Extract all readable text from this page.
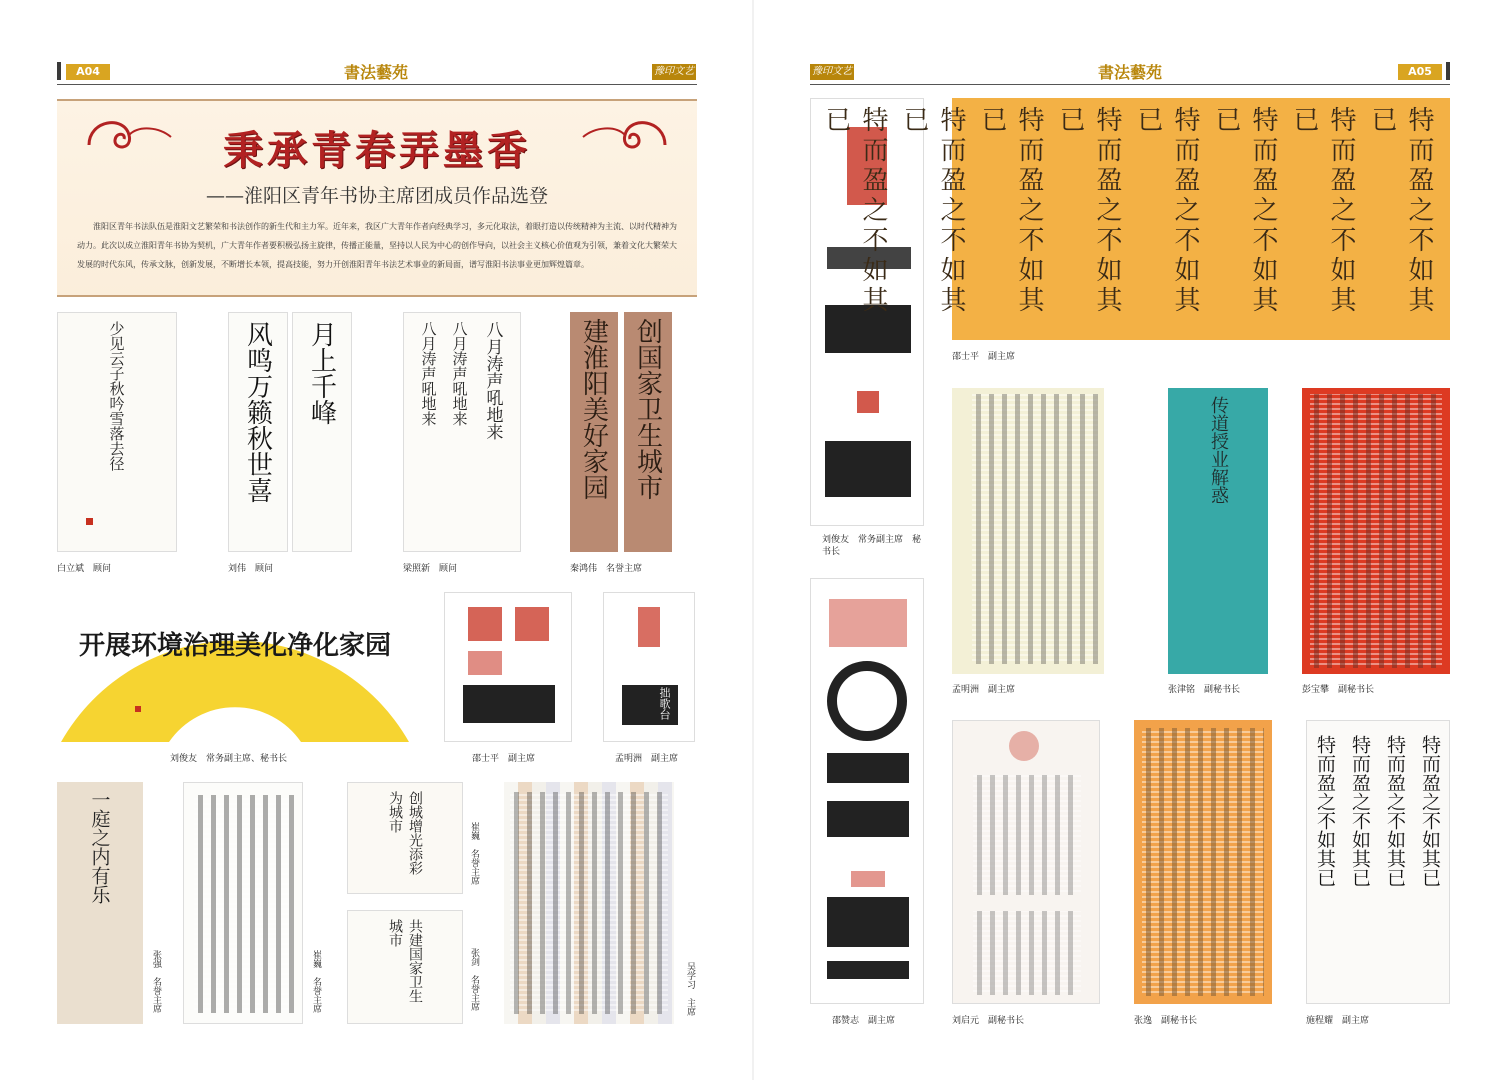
A04	書法藝苑	豫印文艺
秉承青春弄墨香
——淮阳区青年书协主席团成员作品选登
淮阳区青年书法队伍是淮阳文艺繁荣和书法创作的新生代和主力军。近年来，我区广大青年作者向经典学习，多元化取法，着眼打造以传统精神为主流、以时代精神为动力。此次以成立淮阳青年书协为契机，广大青年作者要积极弘扬主旋律，传播正能量，坚持以人民为中心的创作导向，以社会主义核心价值观为引领，兼着文化大繁荣大发展的时代东风，传承文脉，创新发展，不断增长本领，提高技能，努力开创淮阳青年书法艺术事业的新局面，谱写淮阳书法事业更加辉煌篇章。
少见云子秋吟雪落去径
白立斌　顾问
风鸣万籁秋世喜 月上千峰
刘伟　顾问
八月涛声吼地来
八月涛声吼地来
八月涛声吼地来
梁照新　顾问
建淮阳美好家园 创国家卫生城市
秦鸿伟　名誉主席
开展环境治理美化净化家园
刘俊友　常务副主席、秘书长	邵士平　副主席
拙歌台
孟明洲　副主席
一庭之内有乐
张强　名誉主席	崔巍　名誉主席
创城增光添彩为城市
崔巍　名誉主席
共建国家卫生城市
张剑　名誉主席	吴学习　主席
豫印文艺	書法藝苑	A05
刘俊友　常务副主席　秘书长
邵赞志　副主席
特而盈之不如其已
特而盈之不如其已
特而盈之不如其已
特而盈之不如其已
特而盈之不如其已
特而盈之不如其已
特而盈之不如其已
特而盈之不如其已
邵士平　副主席
孟明洲　副主席
传道授业解惑
张津铭　副秘书长	彭宝攀　副秘书长
刘启元　副秘书长	张逸　副秘书长
特而盈之不如其已
特而盈之不如其已
特而盈之不如其已
特而盈之不如其已
施程耀　副主席
